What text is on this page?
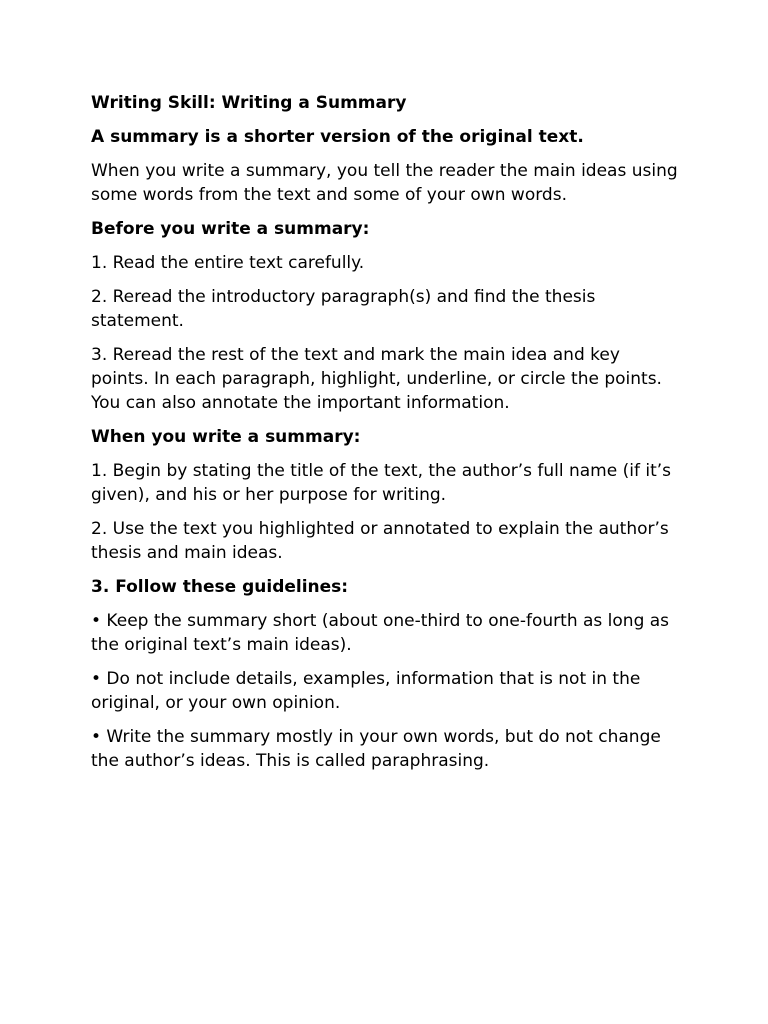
Writing Skill: Writing a Summary

A summary is a shorter version of the original text.

When you write a summary, you tell the reader the main ideas using some words from the text and some of your own words.

Before you write a summary:

1. Read the entire text carefully.

2. Reread the introductory paragraph(s) and find the thesis statement.

3. Reread the rest of the text and mark the main idea and key points. In each paragraph, highlight, underline, or circle the points. You can also annotate the important information.

When you write a summary:

1. Begin by stating the title of the text, the author’s full name (if it’s given), and his or her purpose for writing.

2. Use the text you highlighted or annotated to explain the author’s thesis and main ideas.

3. Follow these guidelines:

• Keep the summary short (about one-third to one-fourth as long as the original text’s main ideas).

• Do not include details, examples, information that is not in the original, or your own opinion.

• Write the summary mostly in your own words, but do not change the author’s ideas. This is called paraphrasing.
